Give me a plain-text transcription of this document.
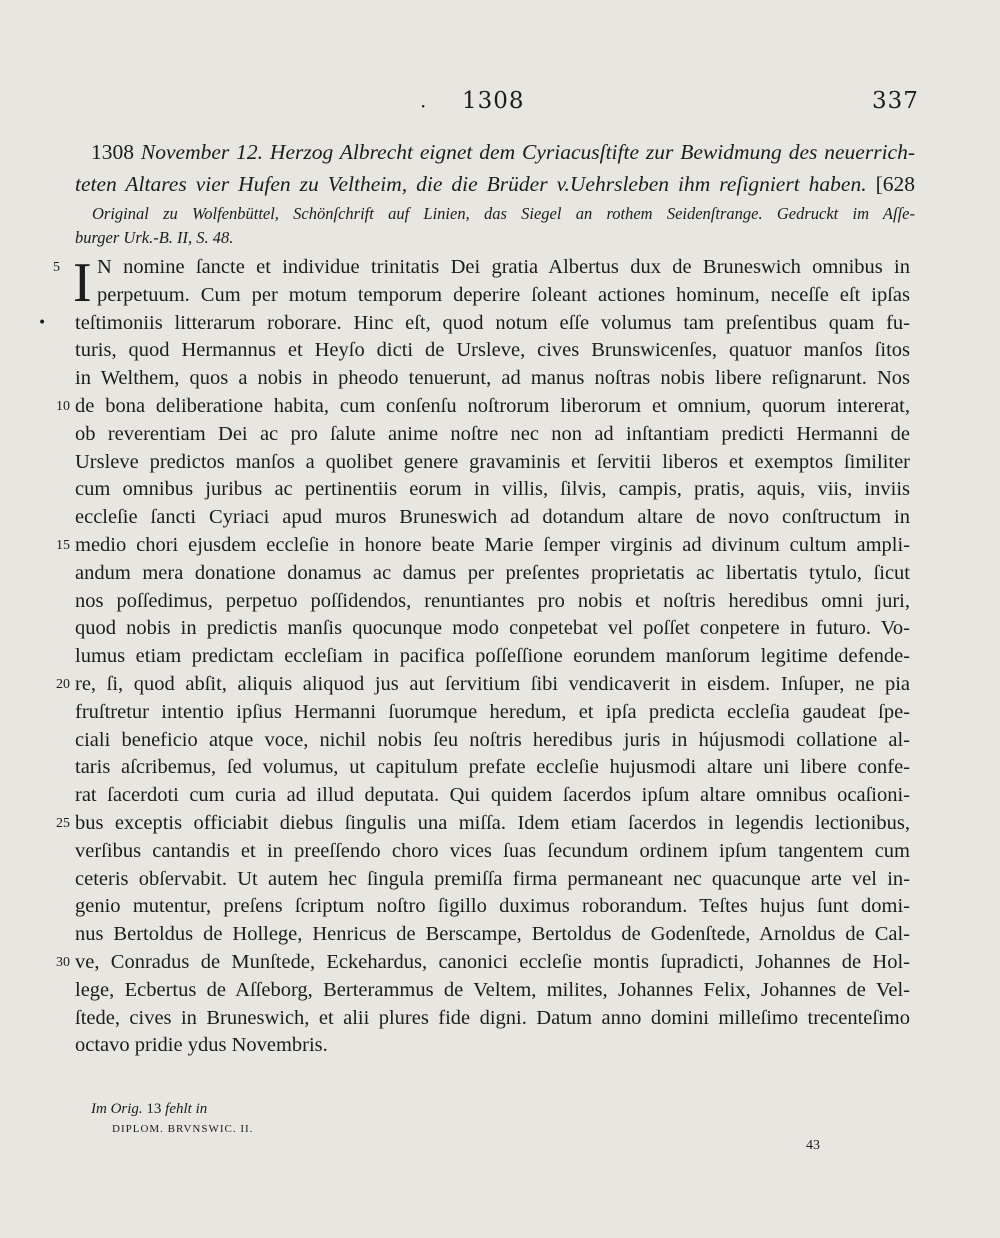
· 1308	337
1308 November 12. Herzog Albrecht eignet dem Cyriacusſtifte zur Bewidmung des neuerrich-
teten Altares vier Hufen zu Veltheim, die die Brüder v.Uehrsleben ihm reſigniert haben. [628
Original zu Wolfenbüttel, Schönſchrift auf Linien, das Siegel an rothem Seidenſtrange. Gedruckt im Aſſe-
burger Urk.-B. II, S. 48.
•
5
10
15
20
25
30
I N nomine ſancte et individue trinitatis Dei gratia Albertus dux de Bruneswich omnibus in
perpetuum. Cum per motum temporum deperire ſoleant actiones hominum, neceſſe eſt ipſas
teſtimoniis litterarum roborare. Hinc eſt, quod notum eſſe volumus tam preſentibus quam fu-
turis, quod Hermannus et Heyſo dicti de Ursleve, cives Brunswicenſes, quatuor manſos ſitos
in Welthem, quos a nobis in pheodo tenuerunt, ad manus noſtras nobis libere reſignarunt. Nos
de bona deliberatione habita, cum conſenſu noſtrorum liberorum et omnium, quorum intererat,
ob reverentiam Dei ac pro ſalute anime noſtre nec non ad inſtantiam predicti Hermanni de
Ursleve predictos manſos a quolibet genere gravaminis et ſervitii liberos et exemptos ſimiliter
cum omnibus juribus ac pertinentiis eorum in villis, ſilvis, campis, pratis, aquis, viis, inviis
eccleſie ſancti Cyriaci apud muros Bruneswich ad dotandum altare de novo conſtructum in
medio chori ejusdem eccleſie in honore beate Marie ſemper virginis ad divinum cultum ampli-
andum mera donatione donamus ac damus per preſentes proprietatis ac libertatis tytulo, ſicut
nos poſſedimus, perpetuo poſſidendos, renuntiantes pro nobis et noſtris heredibus omni juri,
quod nobis in predictis manſis quocunque modo conpetebat vel poſſet conpetere in futuro. Vo-
lumus etiam predictam eccleſiam in pacifica poſſeſſione eorundem manſorum legitime defende-
re, ſi, quod abſit, aliquis aliquod jus aut ſervitium ſibi vendicaverit in eisdem. Inſuper, ne pia
fruſtretur intentio ipſius Hermanni ſuorumque heredum, et ipſa predicta eccleſia gaudeat ſpe-
ciali beneficio atque voce, nichil nobis ſeu noſtris heredibus juris in hújusmodi collatione al-
taris aſcribemus, ſed volumus, ut capitulum prefate eccleſie hujusmodi altare uni libere confe-
rat ſacerdoti cum curia ad illud deputata. Qui quidem ſacerdos ipſum altare omnibus ocaſioni-
bus exceptis officiabit diebus ſingulis una miſſa. Idem etiam ſacerdos in legendis lectionibus,
verſibus cantandis et in preeſſendo choro vices ſuas ſecundum ordinem ipſum tangentem cum
ceteris obſervabit. Ut autem hec ſingula premiſſa firma permaneant nec quacunque arte vel in-
genio mutentur, preſens ſcriptum noſtro ſigillo duximus roborandum. Teſtes hujus ſunt domi-
nus Bertoldus de Hollege, Henricus de Berscampe, Bertoldus de Godenſtede, Arnoldus de Cal-
ve, Conradus de Munſtede, Eckehardus, canonici eccleſie montis ſupradicti, Johannes de Hol-
lege, Ecbertus de Aſſeborg, Berterammus de Veltem, milites, Johannes Felix, Johannes de Vel-
ſtede, cives in Bruneswich, et alii plures fide digni. Datum anno domini milleſimo trecenteſimo
octavo pridie ydus Novembris.
Im Orig. 13 fehlt in
DIPLOM. BRVNSWIC. II.
43
